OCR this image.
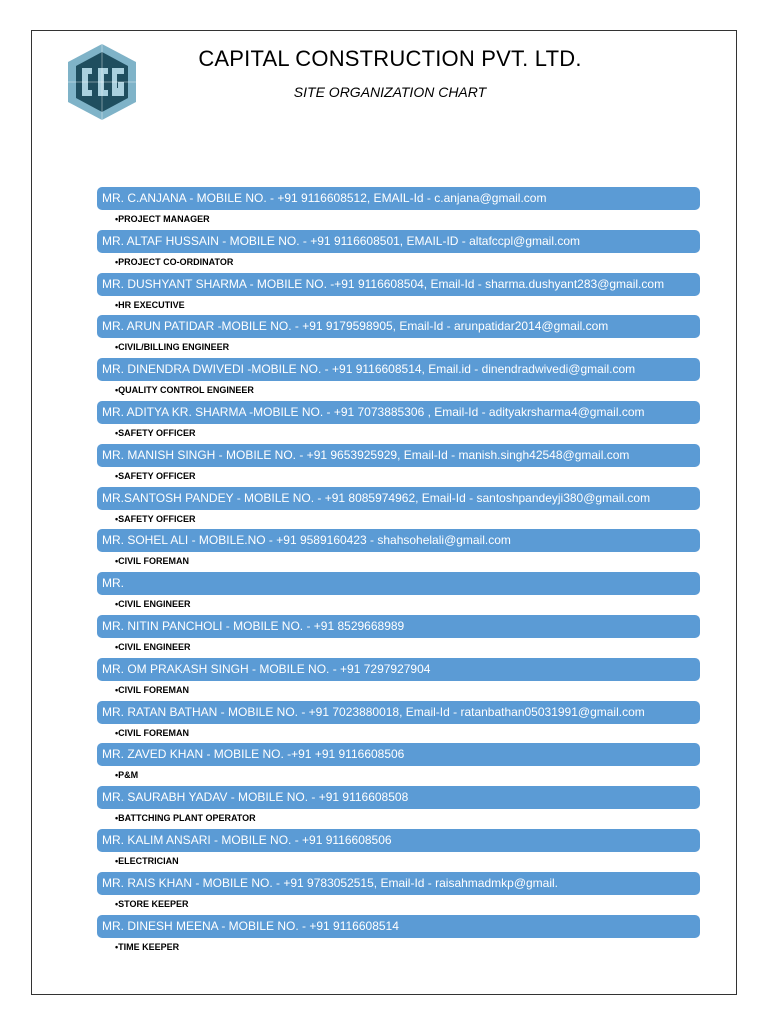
CAPITAL CONSTRUCTION PVT. LTD.
SITE ORGANIZATION CHART
MR. C.ANJANA - MOBILE NO. - +91 9116608512, EMAIL-Id - c.anjana@gmail.com
•PROJECT MANAGER
MR. ALTAF HUSSAIN - MOBILE NO. - +91 9116608501, EMAIL-ID - altafccpl@gmail.com
•PROJECT CO-ORDINATOR
MR. DUSHYANT SHARMA - MOBILE NO. -+91 9116608504, Email-Id - sharma.dushyant283@gmail.com
•HR EXECUTIVE
MR. ARUN PATIDAR -MOBILE NO. - +91 9179598905, Email-Id - arunpatidar2014@gmail.com
•CIVIL/BILLING ENGINEER
MR. DINENDRA DWIVEDI -MOBILE NO. - +91 9116608514, Email.id - dinendradwivedi@gmail.com
•QUALITY CONTROL ENGINEER
MR. ADITYA KR. SHARMA -MOBILE NO. - +91 7073885306 , Email-Id - adityakrsharma4@gmail.com
•SAFETY OFFICER
MR. MANISH SINGH - MOBILE NO. - +91 9653925929, Email-Id - manish.singh42548@gmail.com
•SAFETY OFFICER
MR.SANTOSH PANDEY - MOBILE NO. - +91 8085974962, Email-Id - santoshpandeyji380@gmail.com
•SAFETY OFFICER
MR. SOHEL ALI - MOBILE.NO - +91 9589160423 - shahsohelali@gmail.com
•CIVIL FOREMAN
MR.
•CIVIL ENGINEER
MR. NITIN PANCHOLI - MOBILE NO. - +91 8529668989
•CIVIL ENGINEER
MR. OM PRAKASH SINGH - MOBILE NO. - +91 7297927904
•CIVIL FOREMAN
MR. RATAN BATHAN - MOBILE NO. - +91 7023880018, Email-Id - ratanbathan05031991@gmail.com
•CIVIL FOREMAN
MR. ZAVED KHAN - MOBILE NO. -+91 +91 9116608506
•P&M
MR. SAURABH YADAV - MOBILE NO. - +91 9116608508
•BATTCHING PLANT OPERATOR
MR. KALIM ANSARI - MOBILE NO. - +91 9116608506
•ELECTRICIAN
MR. RAIS KHAN - MOBILE NO. - +91 9783052515, Email-Id - raisahmadmkp@gmail.
•STORE KEEPER
MR. DINESH MEENA - MOBILE NO. - +91 9116608514
•TIME KEEPER
